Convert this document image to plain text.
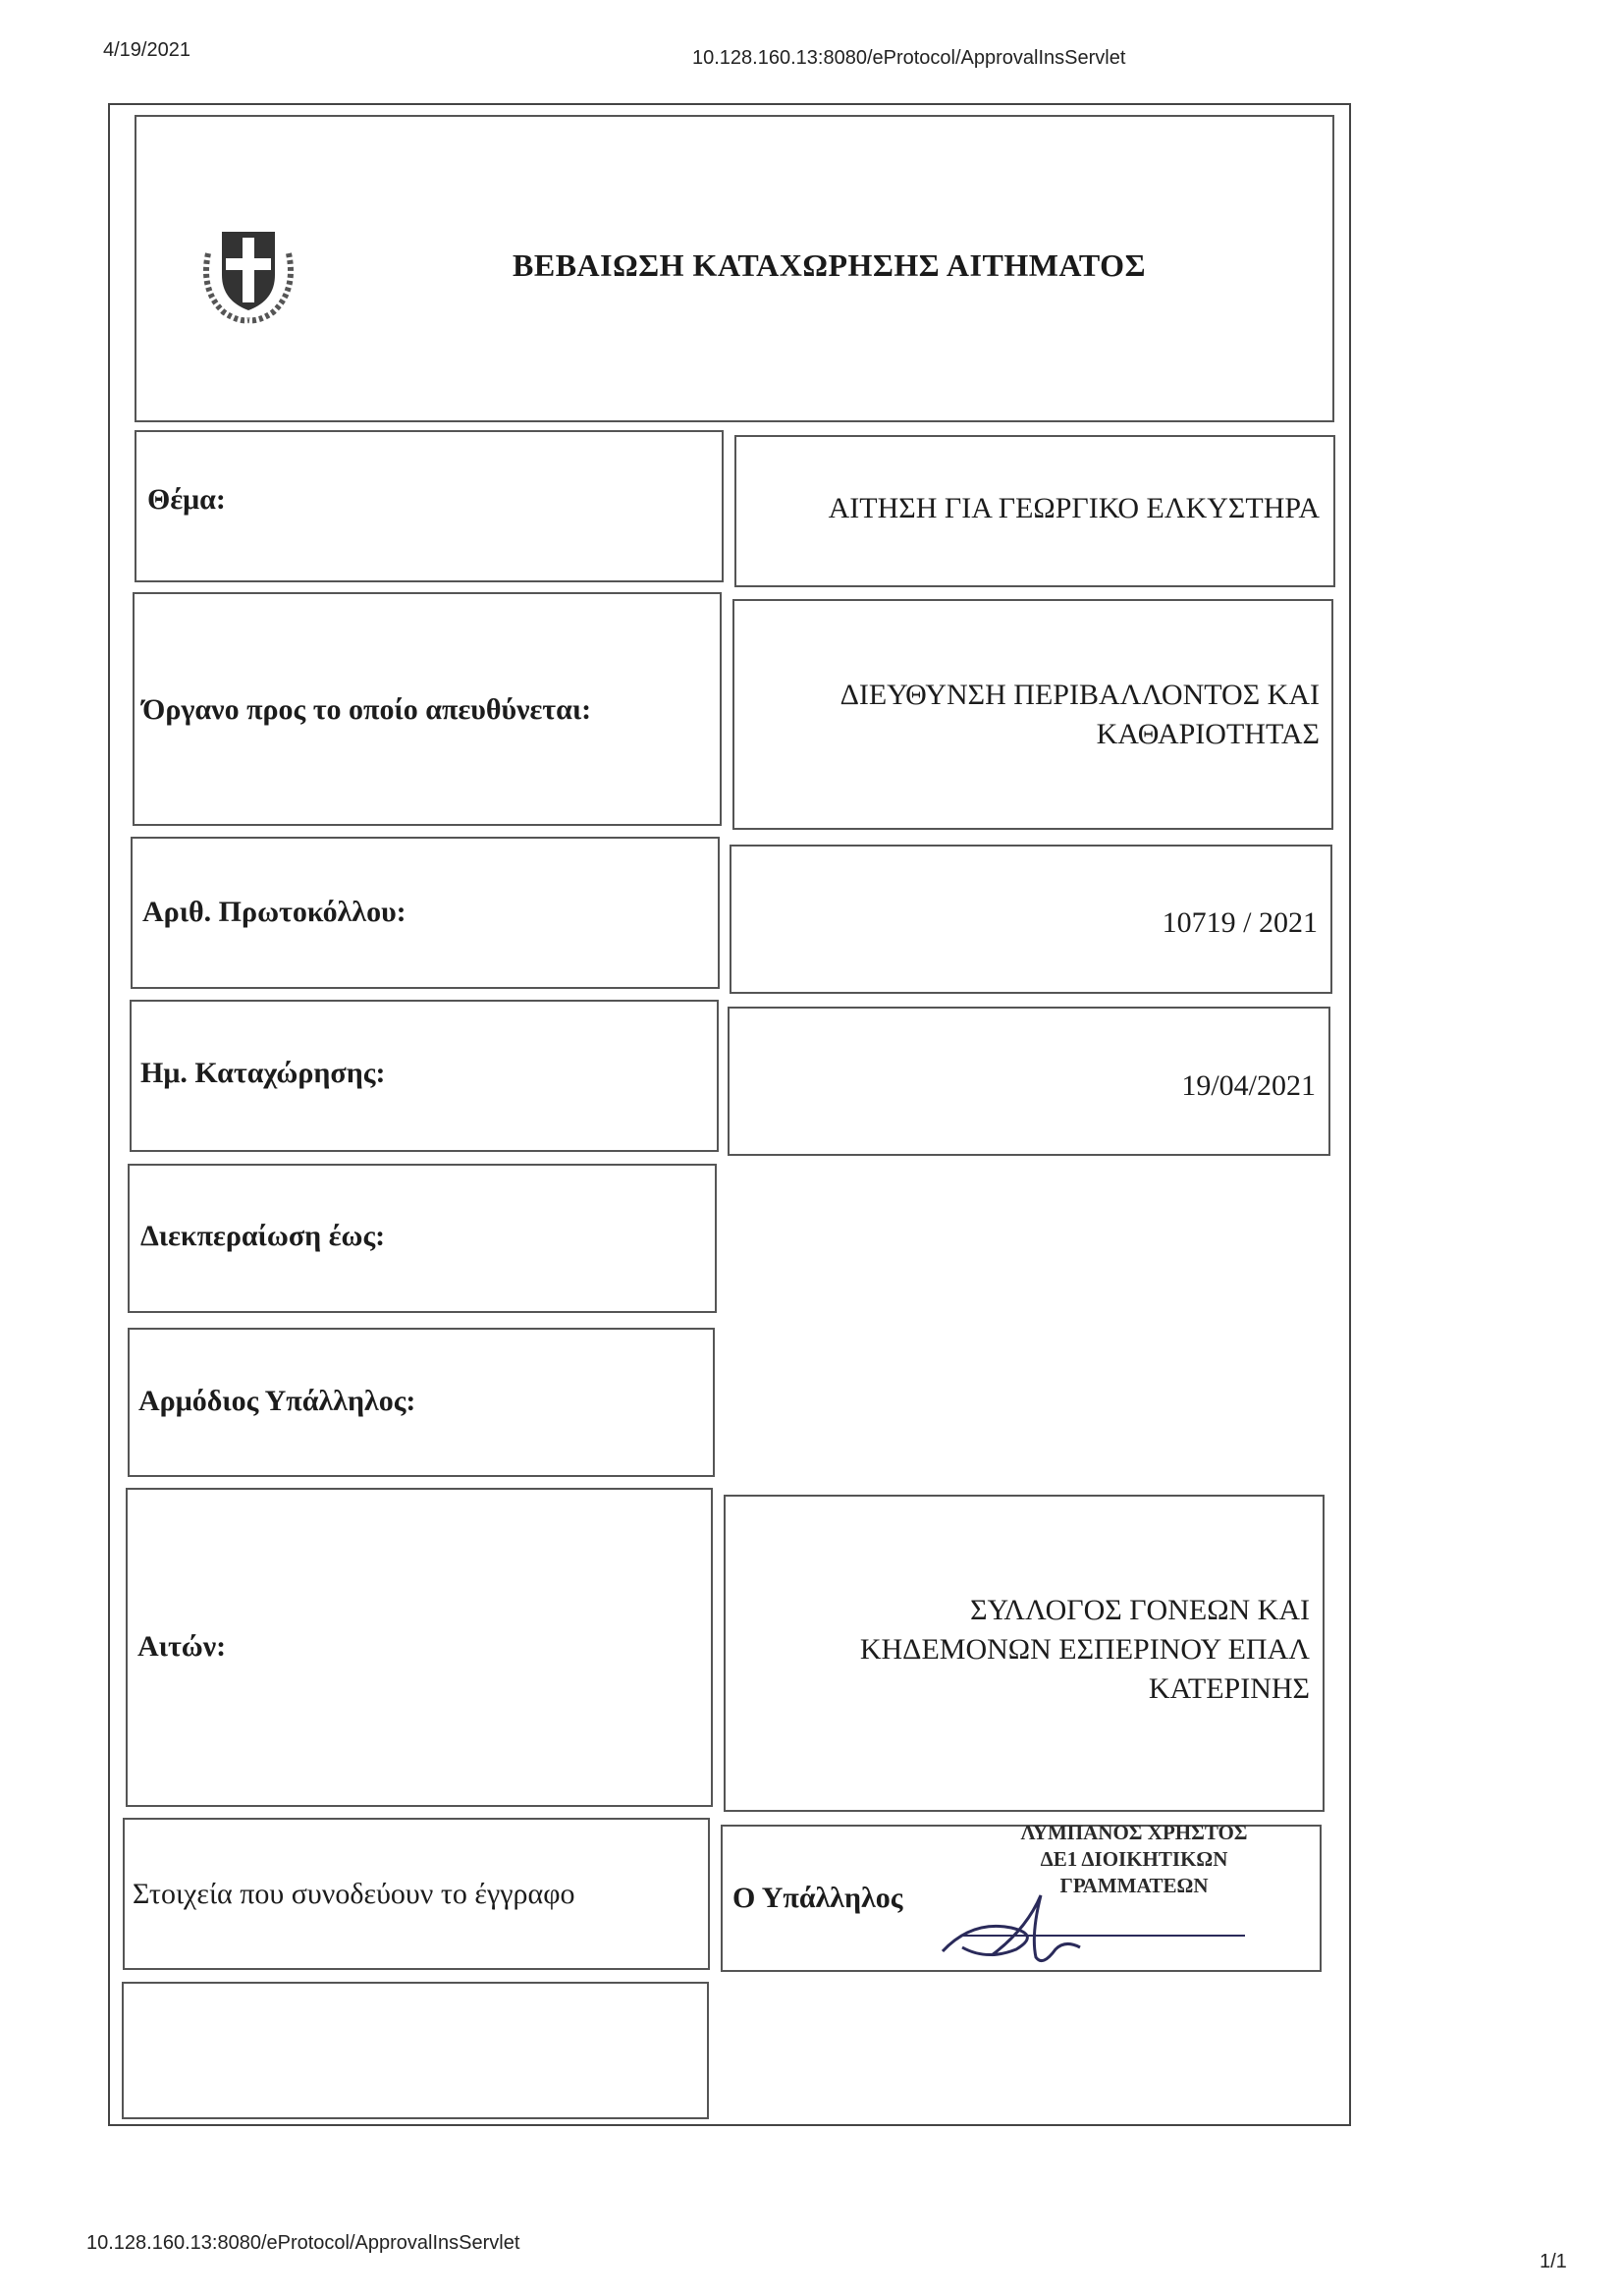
4/19/2021	10.128.160.13:8080/eProtocol/ApprovalInsServlet
ΒΕΒΑΙΩΣΗ ΚΑΤΑΧΩΡΗΣΗΣ ΑΙΤΗΜΑΤΟΣ
Θέμα:	ΑΙΤΗΣΗ ΓΙΑ ΓΕΩΡΓΙΚΟ ΕΛΚΥΣΤΗΡΑ
Όργανο προς το οποίο απευθύνεται:	ΔΙΕΥΘΥΝΣΗ ΠΕΡΙΒΑΛΛΟΝΤΟΣ ΚΑΙ
ΚΑΘΑΡΙΟΤΗΤΑΣ
Αριθ. Πρωτοκόλλου:	10719 / 2021
Ημ. Καταχώρησης:	19/04/2021
Διεκπεραίωση έως:
Αρμόδιος Υπάλληλος:
Αιτών:
ΣΥΛΛΟΓΟΣ ΓΟΝΕΩΝ ΚΑΙ
ΚΗΔΕΜΟΝΩΝ ΕΣΠΕΡΙΝΟΥ ΕΠΑΛ
ΚΑΤΕΡΙΝΗΣ
Στοιχεία που συνοδεύουν το έγγραφο	Ο Υπάλληλος
ΛΥΜΠΑΝΟΣ ΧΡΗΣΤΟΣ
ΔΕ1 ΔΙΟΙΚΗΤΙΚΩΝ
ΓΡΑΜΜΑΤΕΩΝ
10.128.160.13:8080/eProtocol/ApprovalInsServlet
1/1
